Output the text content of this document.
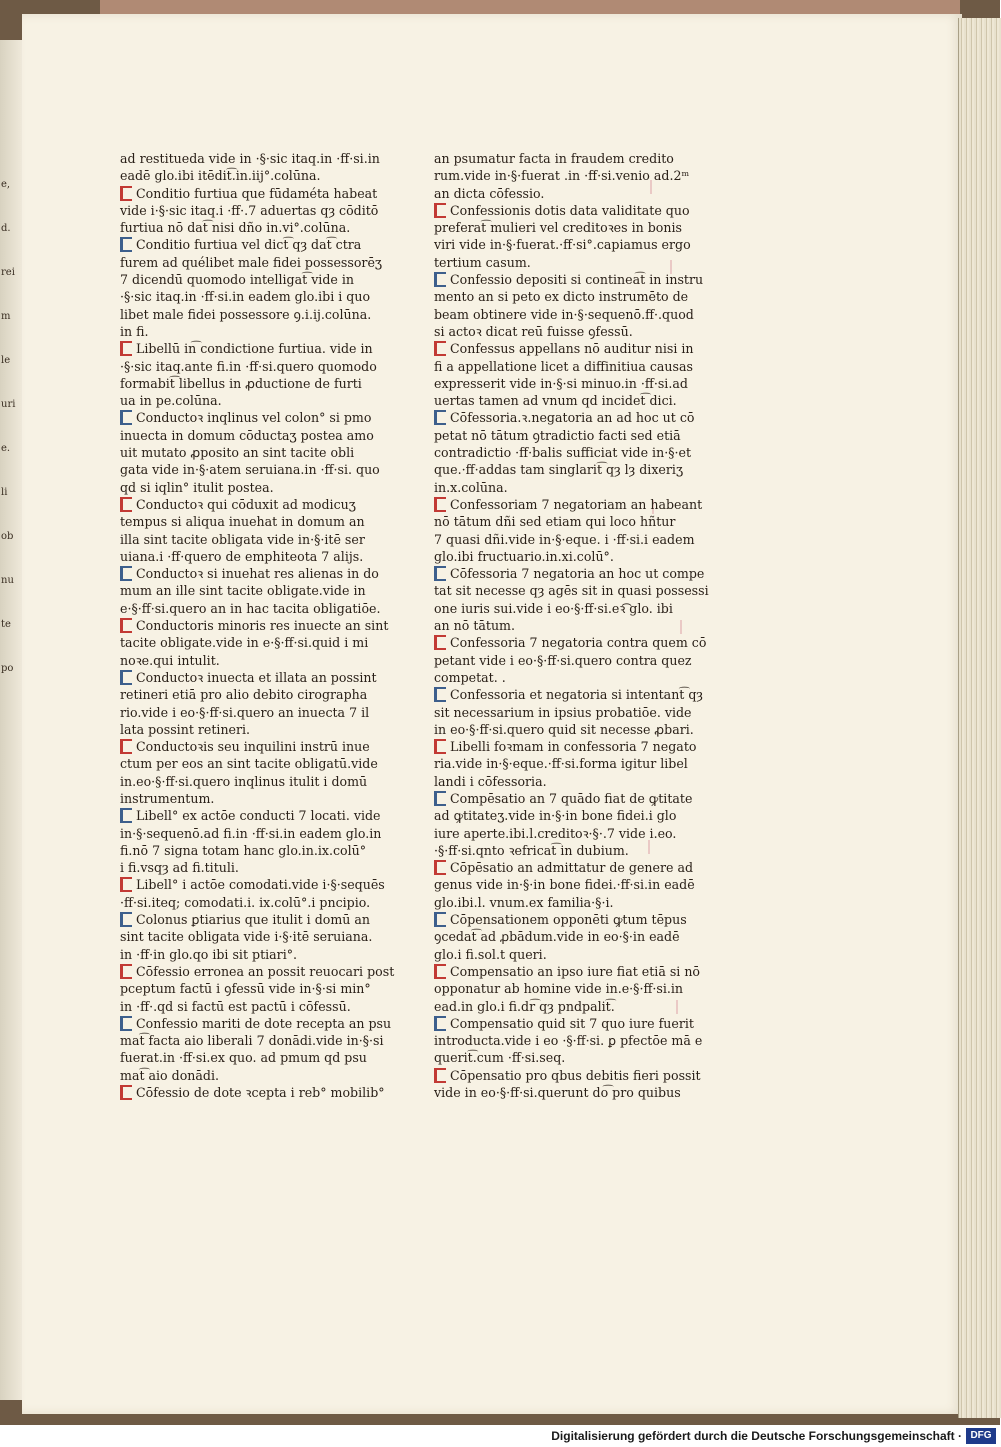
e,
d.
rei
m
le
uri
e.
li
ob
nu
te
po
ad restitueda vide in ·§·sic itaq.in ·ff·si.in
eadē glo.ibi itēdit͡.in.iij°.colūna.
Conditio furtiua que fūdaméta habeat
vide i·§·sic itaq.i ·ff·.7 aduertas qȝ cōditō
furtiua nō dat͡ nisi dño in.vi°.colūna.
Conditio furtiua vel dict͡ qȝ dat͡ ctra
furem ad quélibet male fidei possessorēʒ
7 dicendū quomodo intelligat͡ vide in
·§·sic itaq.in ·ff·si.in eadem glo.ibi i quo
libet male fidei possessore ꝯ.i.ij.colūna.
in fi.
Libellū in͡ condictione furtiua. vide in
·§·sic itaq.ante fi.in ·ff·si.quero quomodo
formabit͡ libellus in ꝓductione de furti
ua in pe.colūna.
Conductoꝛ inqlinus vel colon° si pmo
inuecta in domum cōductaʒ postea amo
uit mutato ꝓposito an sint tacite obli
gata vide in·§·atem seruiana.in ·ff·si. quo
qd si iqlin° itulit postea.
Conductoꝛ qui cōduxit ad modicuʒ
tempus si aliqua inuehat in domum an
illa sint tacite obligata vide in·§·itē ser
uiana.i ·ff·quero de emphiteota 7 alijs.
Conductoꝛ si inuehat res alienas in do
mum an ille sint tacite obligate.vide in
e·§·ff·si.quero an in hac tacita obligatiōe.
Conductoris minoris res inuecte an sint
tacite obligate.vide in e·§·ff·si.quid i mi
noꝛe.qui intulit.
Conductoꝛ inuecta et illata an possint
retineri etiā pro alio debito cirographa
rio.vide i eo·§·ff·si.quero an inuecta 7 il
lata possint retineri.
Conductoꝛis seu inquilini instrū inue
ctum per eos an sint tacite obligatū.vide
in.eo·§·ff·si.quero inqlinus itulit i domū
instrumentum.
Libell° ex actōe conducti 7 locati. vide
in·§·sequenō.ad fi.in ·ff·si.in eadem glo.in
fi.nō 7 signa totam hanc glo.in.ix.colū°
i fi.vsqȝ ad fi.tituli.
Libell° i actōe comodati.vide i·§·sequēs
·ff·si.iteq; comodati.i. ix.colū°.i pncipio.
Colonus ꝑtiarius que itulit i domū an
sint tacite obligata vide i·§·itē seruiana.
in ·ff·in glo.qo ibi sit ptiari°.
Cōfessio erronea an possit reuocari post
pceptum factū i ꝯfessū vide in·§·si min°
in ·ff·.qd si factū est pactū i cōfessū.
Confessio mariti de dote recepta an psu
mat͡ facta aio liberali 7 donādi.vide in·§·si
fuerat.in ·ff·si.ex quo. ad pmum qd psu
mat͡ aio donādi.
Cōfessio de dote ꝛcepta i reb° mobilib°
an psumatur facta in fraudem credito
rum.vide in·§·fuerat .in ·ff·si.venio ad.2ᵐ
an dicta cōfessio.
Confessionis dotis data validitate quo
preferat͡ mulieri vel creditoꝛes in bonis
viri vide in·§·fuerat.·ff·si°.capiamus ergo
tertium casum.
Confessio depositi si continea͡t in instru
mento an si peto ex dicto instrumēto de
beam obtinere vide in·§·sequenō.ff·.quod
si actoꝛ dicat reū fuisse ꝯfessū.
Confessus appellans nō auditur nisi in
fi a appellatione licet a diffinitiua causas
expresserit vide in·§·si minuo.in ·ff·si.ad
uertas tamen ad vnum qd incidet͡ dici.
Cōfessoria.ꝛ.negatoria an ad hoc ut cō
petat nō tātum ꝯtradictio facti sed etiā
contradictio ·ff·balis sufficiat vide in·§·et
que.·ff·addas tam singlarit͡ qȝ lȝ dixeriʒ
in.x.colūna.
Confessoriam 7 negatoriam an habeant
nō tātum dñi sed etiam qui loco hñtur
7 quasi dñi.vide in·§·eque. i ·ff·si.i eadem
glo.ibi fructuario.in.xi.colū°.
Cōfessoria 7 negatoria an hoc ut compe
tat sit necesse qȝ agēs sit in quasi possessi
one iuris sui.vide i eo·§·ff·si.eꝛ͡ glo. ibi
an nō tātum.
Confessoria 7 negatoria contra quem cō
petant vide i eo·§·ff·si.quero contra quez
competat. .
Confessoria et negatoria si intentant͡ qȝ
sit necessarium in ipsius probatiōe. vide
in eo·§·ff·si.quero quid sit necesse ꝓbari.
Libelli foꝛmam in confessoria 7 negato
ria.vide in·§·eque.·ff·si.forma igitur libel
landi i cōfessoria.
Compēsatio an 7 quādo fiat de ꝙtitate
ad ꝙtitateʒ.vide in·§·in bone fidei.i glo
iure aperte.ibi.l.creditoꝛ·§·.7 vide i.eo.
·§·ff·si.qnto ꝛefricat͡ in dubium.
Cōpēsatio an admittatur de genere ad
genus vide in·§·in bone fidei.·ff·si.in eadē
glo.ibi.l. vnum.ex familia·§·i.
Cōpensationem opponēti ꝙtum tēpus
ꝯcedat͡ ad ꝓbādum.vide in eo·§·in eadē
glo.i fi.sol.t queri.
Compensatio an ipso iure fiat etiā si nō
opponatur ab homine vide in.e·§·ff·si.in
ead.in glo.i fi.dr͡ qȝ pndpalit͡.
Compensatio quid sit 7 quo iure fuerit
introducta.vide i eo ·§·ff·si. ꝑ pfectōe mā e
querit͡.cum ·ff·si.seq.
Cōpensatio pro qbus debitis fieri possit
vide in eo·§·ff·si.querunt do͡ pro quibus
Digitalisierung gefördert durch die Deutsche Forschungsgemeinschaft · DFG
